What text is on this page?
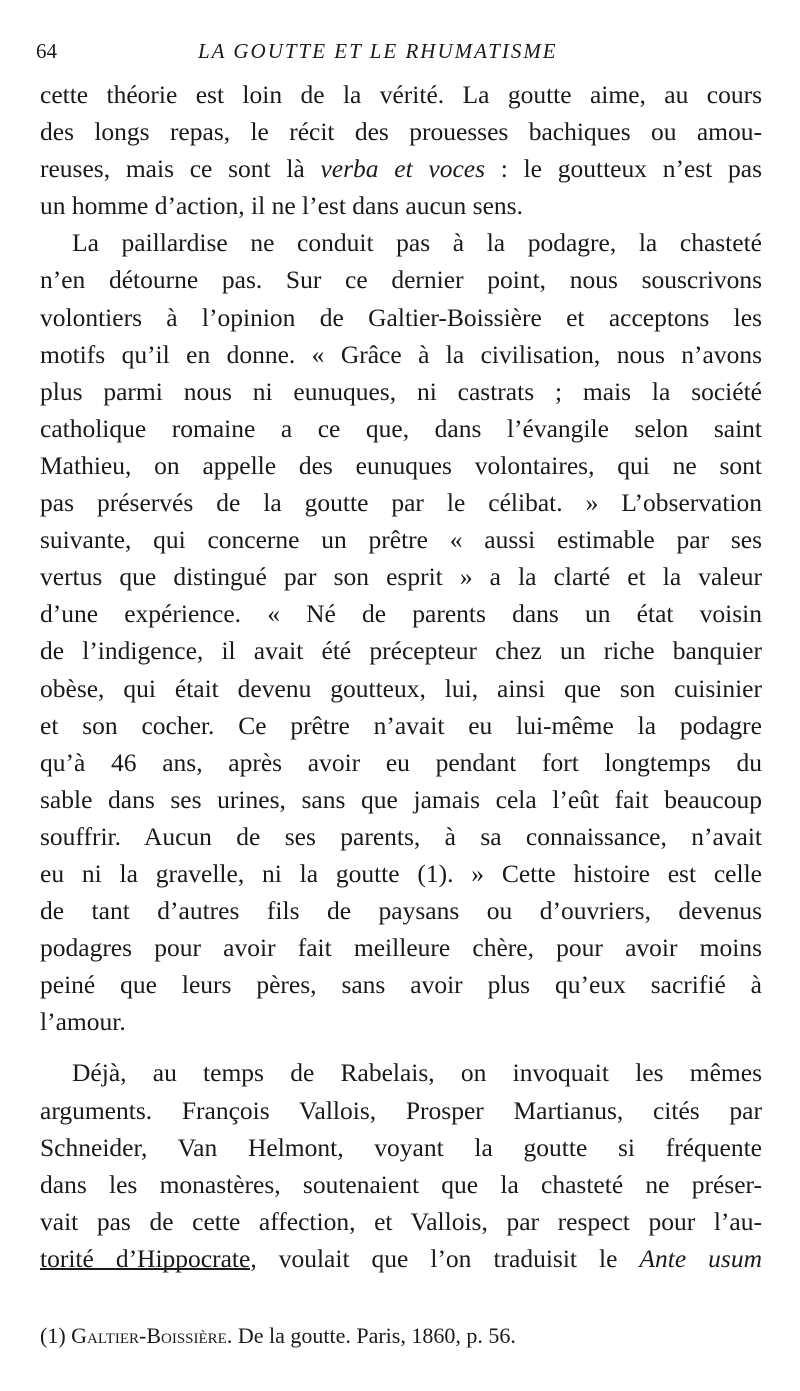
64	LA GOUTTE ET LE RHUMATISME
cette théorie est loin de la vérité. La goutte aime, au cours
des longs repas, le récit des prouesses bachiques ou amou-
reuses, mais ce sont là verba et voces : le goutteux n’est pas
un homme d’action, il ne l’est dans aucun sens.
La paillardise ne conduit pas à la podagre, la chasteté
n’en détourne pas. Sur ce dernier point, nous souscrivons
volontiers à l’opinion de Galtier-Boissière et acceptons les
motifs qu’il en donne. « Grâce à la civilisation, nous n’avons
plus parmi nous ni eunuques, ni castrats ; mais la société
catholique romaine a ce que, dans l’évangile selon saint
Mathieu, on appelle des eunuques volontaires, qui ne sont
pas préservés de la goutte par le célibat. » L’observation
suivante, qui concerne un prêtre « aussi estimable par ses
vertus que distingué par son esprit » a la clarté et la valeur
d’une expérience. « Né de parents dans un état voisin
de l’indigence, il avait été précepteur chez un riche banquier
obèse, qui était devenu goutteux, lui, ainsi que son cuisinier
et son cocher. Ce prêtre n’avait eu lui-même la podagre
qu’à 46 ans, après avoir eu pendant fort longtemps du
sable dans ses urines, sans que jamais cela l’eût fait beaucoup
souffrir. Aucun de ses parents, à sa connaissance, n’avait
eu ni la gravelle, ni la goutte (1). » Cette histoire est celle
de tant d’autres fils de paysans ou d’ouvriers, devenus
podagres pour avoir fait meilleure chère, pour avoir moins
peiné que leurs pères, sans avoir plus qu’eux sacrifié à
l’amour.
Déjà, au temps de Rabelais, on invoquait les mêmes
arguments. François Vallois, Prosper Martianus, cités par
Schneider, Van Helmont, voyant la goutte si fréquente
dans les monastères, soutenaient que la chasteté ne préser-
vait pas de cette affection, et Vallois, par respect pour l’au-
torité d’Hippocrate, voulait que l’on traduisit le Ante usum
(1) Galtier-Boissière. De la goutte. Paris, 1860, p. 56.
